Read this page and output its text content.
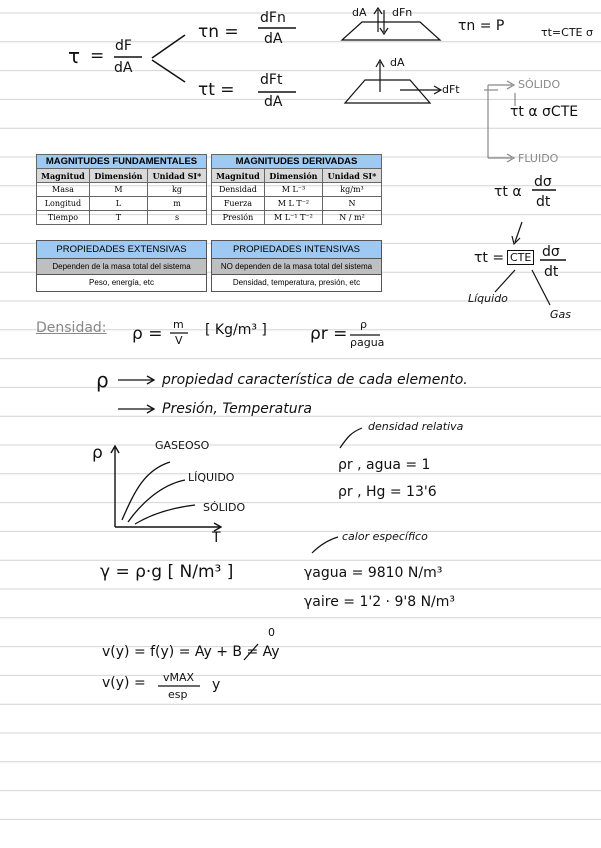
τ = dF
dA
τn =
dFn
dA
τt = dFt
dA
dA dFn
dA
dFt
τn = P	τt=CTE σ
SÓLIDO
τt α σCTE
FLUIDO
τt α
dσ
dt
τt = CTE dσ
dt
Líquido
Gas
MAGNITUDES FUNDAMENTALES		
Magnitud	Dimensión	Unidad SI*
Masa	M	kg
Longitud	L	m
Tiempo	T	s
MAGNITUDES DERIVADAS		
Magnitud	Dimensión	Unidad SI*
Densidad	M L⁻³	kg/m³
Fuerza	M L T⁻²	N
Presión	M L⁻¹ T⁻²	N / m²
PROPIEDADES EXTENSIVAS
Dependen de la masa total del sistema
Peso, energía, etc
PROPIEDADES INTENSIVAS
NO dependen de la masa total del sistema
Densidad, temperatura, presión, etc
Densidad: ρ = m
V
[ Kg/m³ ]	ρr = ρ
ρagua
ρ	propiedad característica de cada elemento.
Presión, Temperatura
ρ
T
GASEOSO
LÍQUIDO
SÓLIDO
densidad relativa
ρr , agua = 1
ρr , Hg = 13'6
γ = ρ·g [ N/m³ ]
calor específico
γagua = 9810 N/m³
γaire = 1'2 · 9'8 N/m³
v(y) = f(y) = Ay + B = Ay
0
v(y) = vMAX
esp
y
